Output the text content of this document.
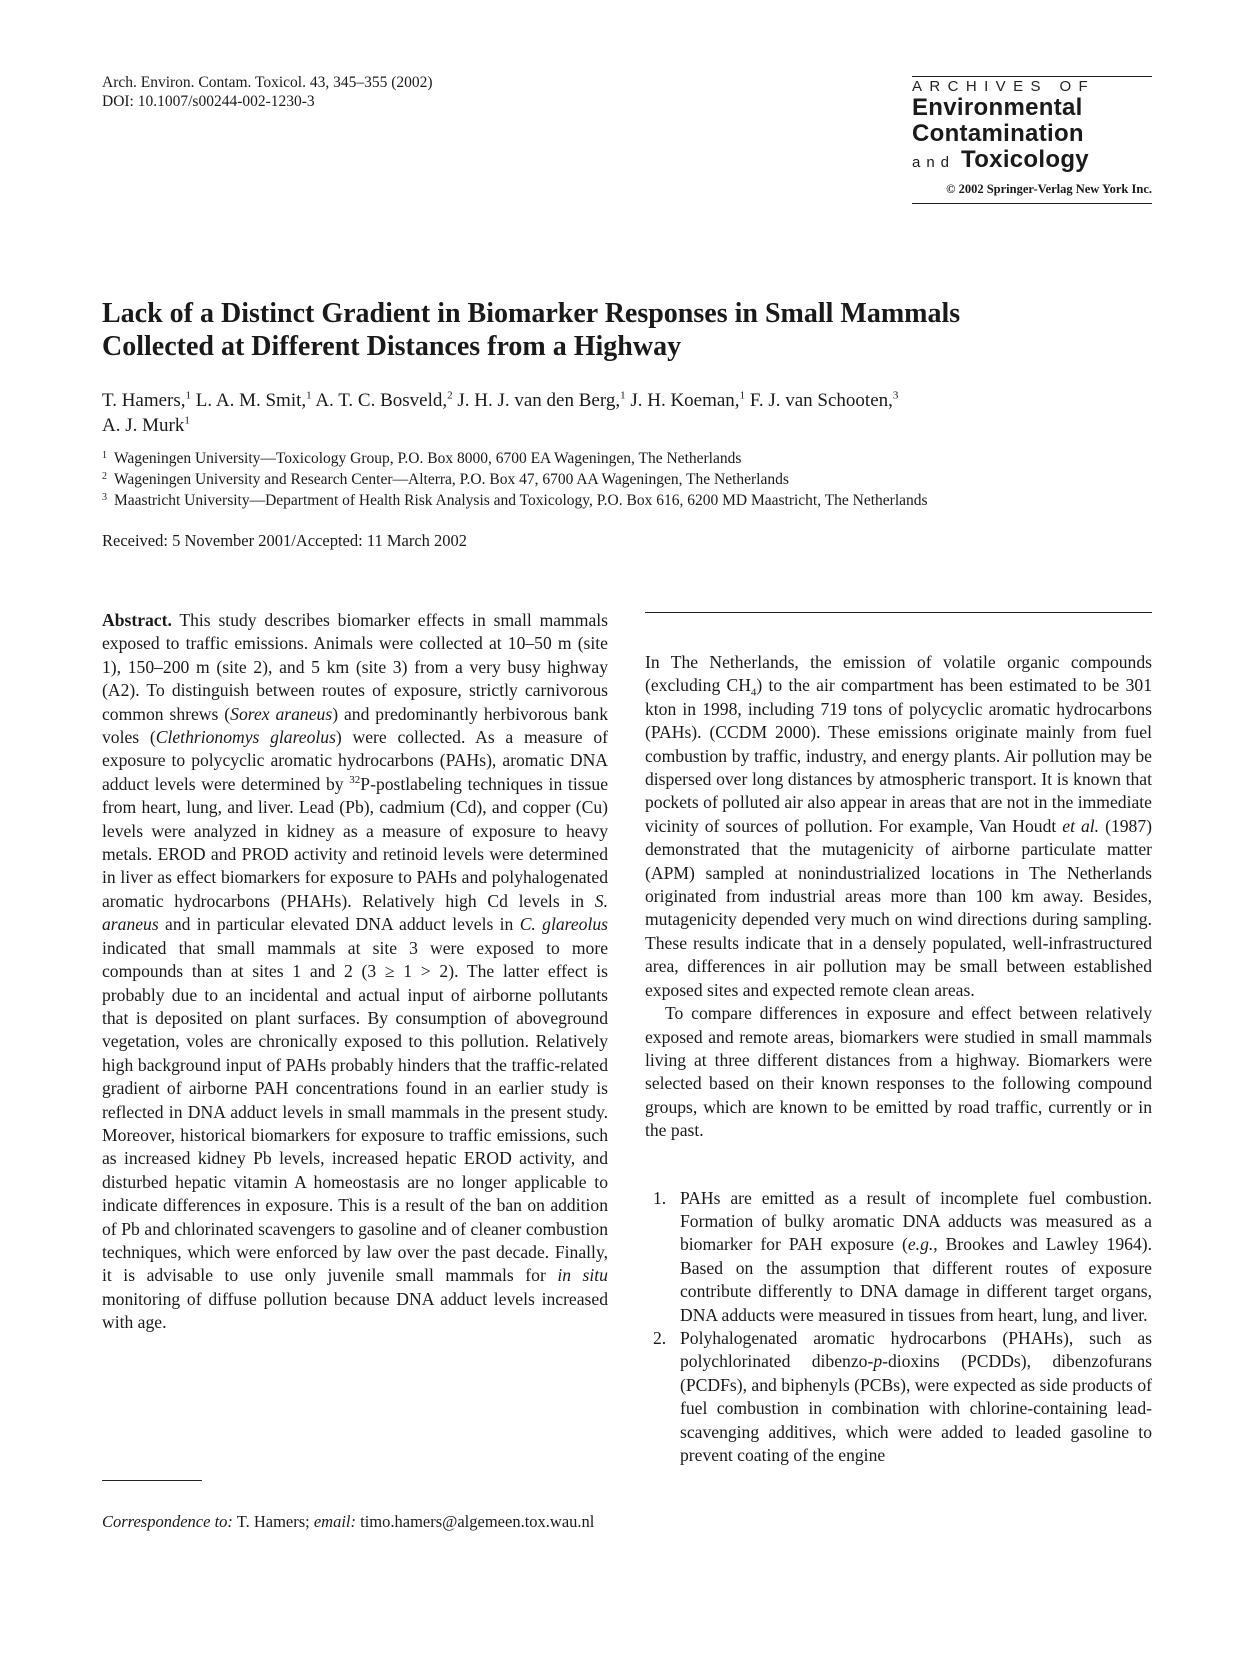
Arch. Environ. Contam. Toxicol. 43, 345–355 (2002)
DOI: 10.1007/s00244-002-1230-3
ARCHIVES OF
Environmental
Contamination
and Toxicology
© 2002 Springer-Verlag New York Inc.
Lack of a Distinct Gradient in Biomarker Responses in Small Mammals
Collected at Different Distances from a Highway
T. Hamers,$^1$ L. A. M. Smit,$^1$ A. T. C. Bosveld,$^2$ J. H. J. van den Berg,$^1$ J. H. Koeman,$^1$ F. J. van Schooten,$^3$
A. J. Murk$^1$
$^1$ Wageningen University—Toxicology Group, P.O. Box 8000, 6700 EA Wageningen, The Netherlands
$^2$ Wageningen University and Research Center—Alterra, P.O. Box 47, 6700 AA Wageningen, The Netherlands
$^3$ Maastricht University—Department of Health Risk Analysis and Toxicology, P.O. Box 616, 6200 MD Maastricht, The Netherlands
Received: 5 November 2001/Accepted: 11 March 2002

Abstract. This study describes biomarker effects in small mammals exposed to traffic emissions. Animals were collected at 10–50 m (site 1), 150–200 m (site 2), and 5 km (site 3) from a very busy highway (A2). To distinguish between routes of exposure, strictly carnivorous common shrews (Sorex araneus) and predominantly herbivorous bank voles (Clethrionomys glareolus) were collected. As a measure of exposure to polycyclic aromatic hydrocarbons (PAHs), aromatic DNA adduct levels were determined by $^{32}$P-postlabeling techniques in tissue from heart, lung, and liver. Lead (Pb), cadmium (Cd), and copper (Cu) levels were analyzed in kidney as a measure of exposure to heavy metals. EROD and PROD activity and retinoid levels were determined in liver as effect biomarkers for exposure to PAHs and polyhalogenated aromatic hydrocarbons (PHAHs). Relatively high Cd levels in S. araneus and in particular elevated DNA adduct levels in C. glareolus indicated that small mammals at site 3 were exposed to more compounds than at sites 1 and 2 (3 ≥ 1 > 2). The latter effect is probably due to an incidental and actual input of airborne pollutants that is deposited on plant surfaces. By consumption of aboveground vegetation, voles are chronically exposed to this pollution. Relatively high background input of PAHs probably hinders that the traffic-related gradient of airborne PAH concentrations found in an earlier study is reflected in DNA adduct levels in small mammals in the present study. Moreover, historical biomarkers for exposure to traffic emissions, such as increased kidney Pb levels, increased hepatic EROD activity, and disturbed hepatic vitamin A homeostasis are no longer applicable to indicate differences in exposure. This is a result of the ban on addition of Pb and chlorinated scavengers to gasoline and of cleaner combustion techniques, which were enforced by law over the past decade. Finally, it is advisable to use only juvenile small mammals for in situ monitoring of diffuse pollution because DNA adduct levels increased with age.

Correspondence to: T. Hamers; email: timo.hamers@algemeen.tox.wau.nl

In The Netherlands, the emission of volatile organic compounds (excluding $CH_4$) to the air compartment has been estimated to be 301 kton in 1998, including 719 tons of polycyclic aromatic hydrocarbons (PAHs). (CCDM 2000). These emissions originate mainly from fuel combustion by traffic, industry, and energy plants. Air pollution may be dispersed over long distances by atmospheric transport. It is known that pockets of polluted air also appear in areas that are not in the immediate vicinity of sources of pollution. For example, Van Houdt et al. (1987) demonstrated that the mutagenicity of airborne particulate matter (APM) sampled at nonindustrialized locations in The Netherlands originated from industrial areas more than 100 km away. Besides, mutagenicity depended very much on wind directions during sampling. These results indicate that in a densely populated, well-infrastructured area, differences in air pollution may be small between established exposed sites and expected remote clean areas.

To compare differences in exposure and effect between relatively exposed and remote areas, biomarkers were studied in small mammals living at three different distances from a highway. Biomarkers were selected based on their known responses to the following compound groups, which are known to be emitted by road traffic, currently or in the past.

1. PAHs are emitted as a result of incomplete fuel combustion. Formation of bulky aromatic DNA adducts was measured as a biomarker for PAH exposure (e.g., Brookes and Lawley 1964). Based on the assumption that different routes of exposure contribute differently to DNA damage in different target organs, DNA adducts were measured in tissues from heart, lung, and liver.
2. Polyhalogenated aromatic hydrocarbons (PHAHs), such as polychlorinated dibenzo-p-dioxins (PCDDs), dibenzofurans (PCDFs), and biphenyls (PCBs), were expected as side products of fuel combustion in combination with chlorine-containing lead-scavenging additives, which were added to leaded gasoline to prevent coating of the engine
